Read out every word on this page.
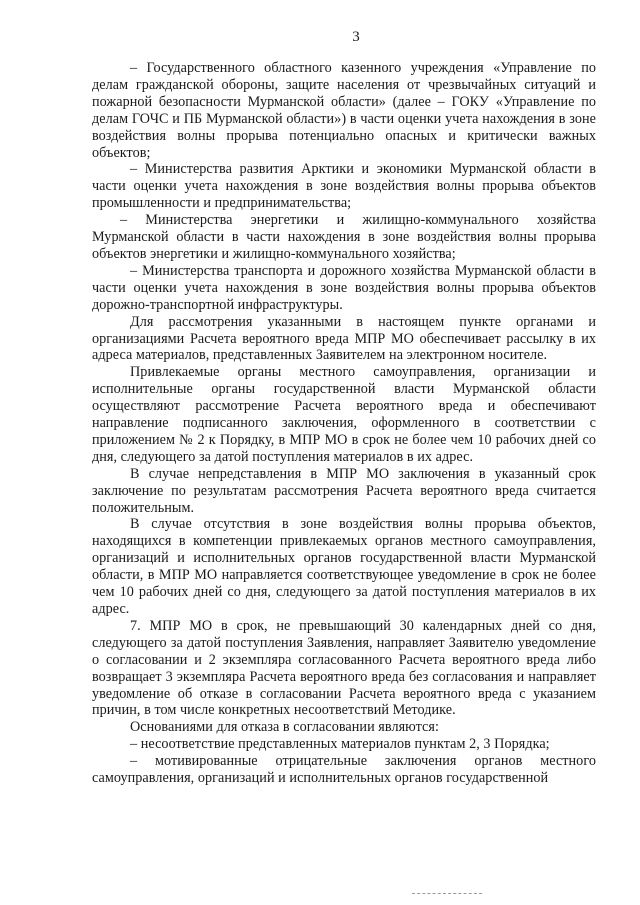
3

– Государственного областного казенного учреждения «Управление по делам гражданской обороны, защите населения от чрезвычайных ситуаций и пожарной безопасности Мурманской области» (далее – ГОКУ «Управление по делам ГОЧС и ПБ Мурманской области») в части оценки учета нахождения в зоне воздействия волны прорыва потенциально опасных и критически важных объектов;

– Министерства развития Арктики и экономики Мурманской области в части оценки учета нахождения в зоне воздействия волны прорыва объектов промышленности и предпринимательства;

– Министерства энергетики и жилищно-коммунального хозяйства Мурманской области в части нахождения в зоне воздействия волны прорыва объектов энергетики и жилищно-коммунального хозяйства;

– Министерства транспорта и дорожного хозяйства Мурманской области в части оценки учета нахождения в зоне воздействия волны прорыва объектов дорожно-транспортной инфраструктуры.

Для рассмотрения указанными в настоящем пункте органами и организациями Расчета вероятного вреда МПР МО обеспечивает рассылку в их адреса материалов, представленных Заявителем на электронном носителе.

Привлекаемые органы местного самоуправления, организации и исполнительные органы государственной власти Мурманской области осуществляют рассмотрение Расчета вероятного вреда и обеспечивают направление подписанного заключения, оформленного в соответствии с приложением № 2 к Порядку, в МПР МО в срок не более чем 10 рабочих дней со дня, следующего за датой поступления материалов в их адрес.

В случае непредставления в МПР МО заключения в указанный срок заключение по результатам рассмотрения Расчета вероятного вреда считается положительным.

В случае отсутствия в зоне воздействия волны прорыва объектов, находящихся в компетенции привлекаемых органов местного самоуправления, организаций и исполнительных органов государственной власти Мурманской области, в МПР МО направляется соответствующее уведомление в срок не более чем 10 рабочих дней со дня, следующего за датой поступления материалов в их адрес.

7. МПР МО в срок, не превышающий 30 календарных дней со дня, следующего за датой поступления Заявления, направляет Заявителю уведомление о согласовании и 2 экземпляра согласованного Расчета вероятного вреда либо возвращает 3 экземпляра Расчета вероятного вреда без согласования и направляет уведомление об отказе в согласовании Расчета вероятного вреда с указанием причин, в том числе конкретных несоответствий Методике.

Основаниями для отказа в согласовании являются:

– несоответствие представленных материалов пунктам 2, 3 Порядка;

– мотивированные отрицательные заключения органов местного самоуправления, организаций и исполнительных органов государственной
